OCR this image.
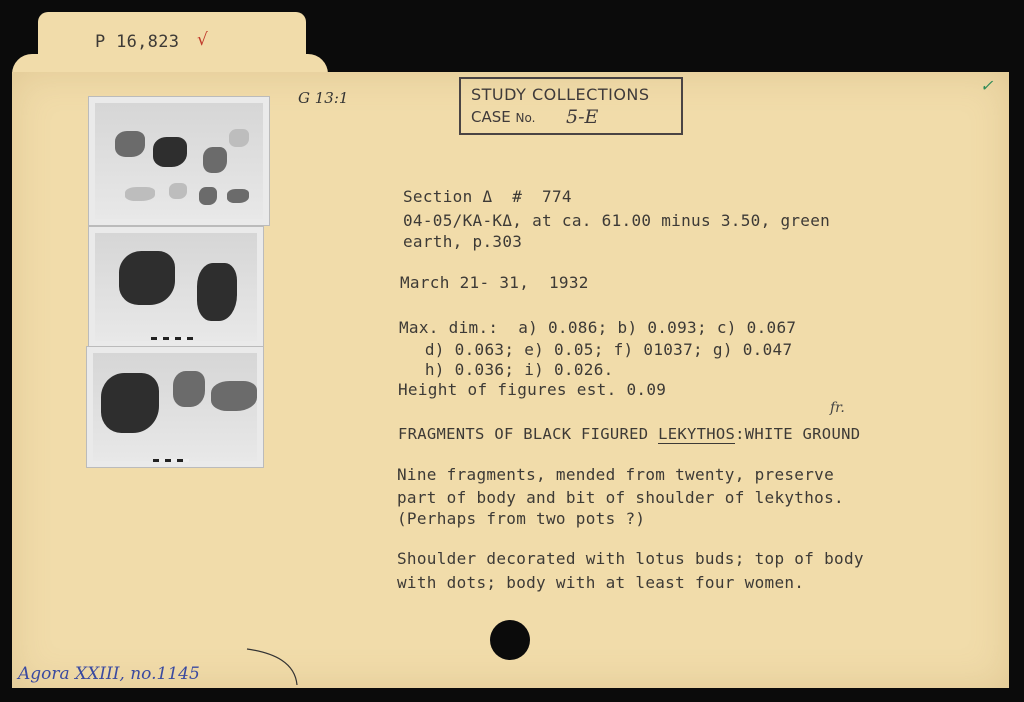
P 16,823 √
G 13:1	STUDY COLLECTIONS
CASE No. 5-E
✓
Section Δ  #  774
04-05/KA-KΔ, at ca. 61.00 minus 3.50, green
earth, p.303
March 21- 31,  1932
Max. dim.:  a) 0.086; b) 0.093; c) 0.067
d) 0.063; e) 0.05; f) 01037; g) 0.047
h) 0.036; i) 0.026.
Height of figures est. 0.09
fr.
FRAGMENTS OF BLACK FIGURED LEKYTHOS:WHITE GROUND
Nine fragments, mended from twenty, preserve
part of body and bit of shoulder of lekythos.
(Perhaps from two pots ?)
Shoulder decorated with lotus buds; top of body
with dots; body with at least four women.
Agora XXIII, no.1145
